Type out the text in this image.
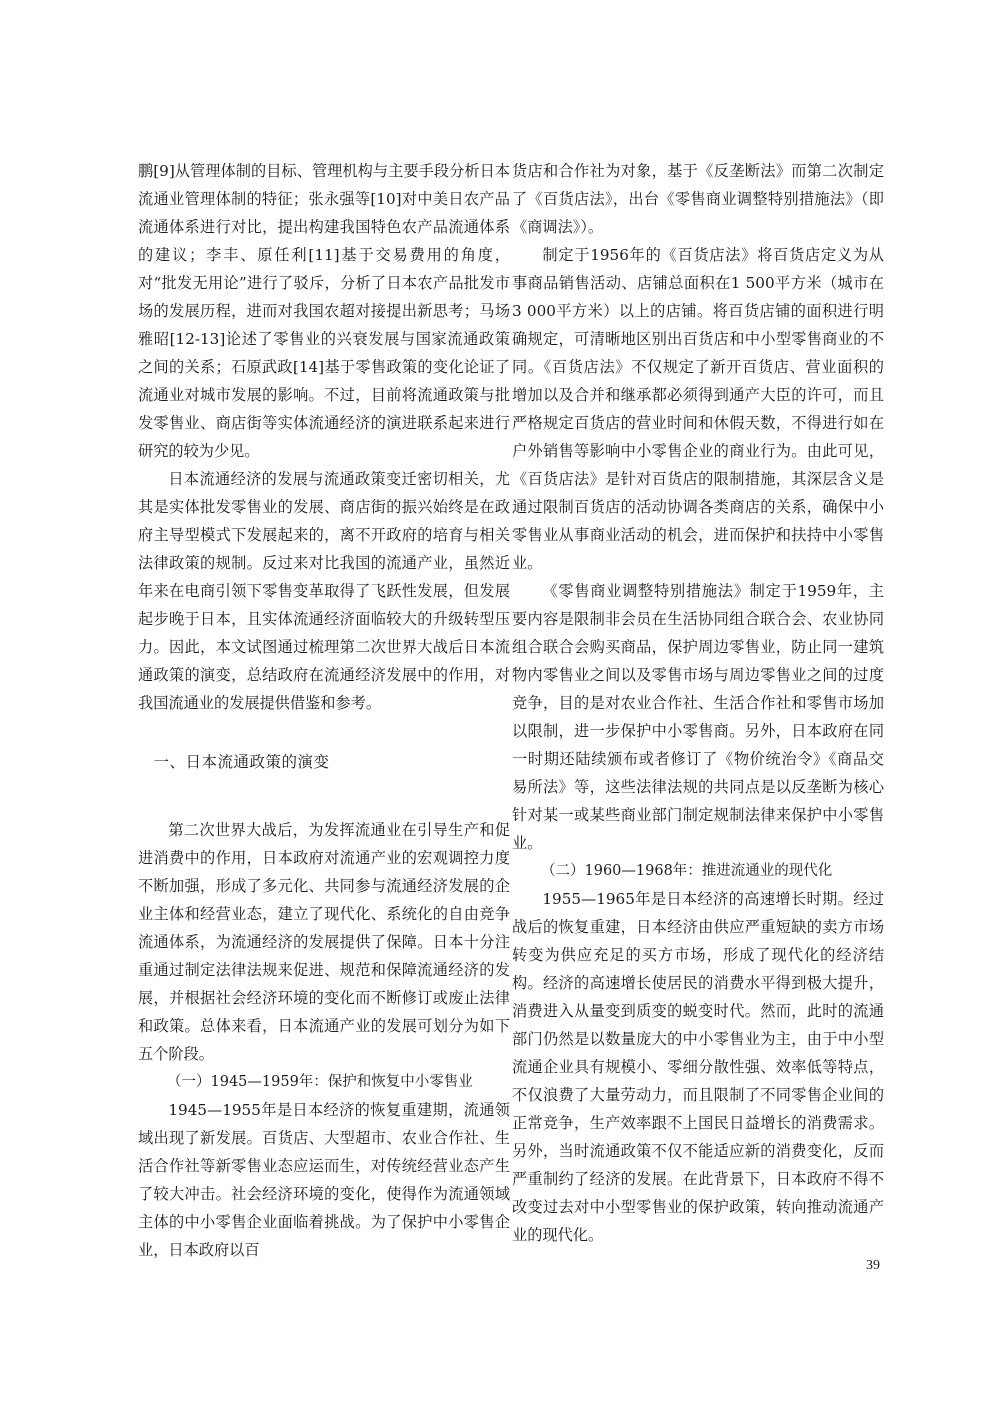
鹏[9]从管理体制的目标、管理机构与主要手段分析日本流通业管理体制的特征；张永强等[10]对中美日农产品流通体系进行对比，提出构建我国特色农产品流通体系的建议；李丰、原任利[11]基于交易费用的角度，对“批发无用论”进行了驳斥，分析了日本农产品批发市场的发展历程，进而对我国农超对接提出新思考；马场雅昭[12-13]论述了零售业的兴衰发展与国家流通政策之间的关系；石原武政[14]基于零售政策的变化论证了流通业对城市发展的影响。不过，目前将流通政策与批发零售业、商店街等实体流通经济的演进联系起来进行研究的较为少见。

日本流通经济的发展与流通政策变迁密切相关，尤其是实体批发零售业的发展、商店街的振兴始终是在政府主导型模式下发展起来的，离不开政府的培育与相关法律政策的规制。反过来对比我国的流通产业，虽然近年来在电商引领下零售变革取得了飞跃性发展，但发展起步晚于日本，且实体流通经济面临较大的升级转型压力。因此，本文试图通过梳理第二次世界大战后日本流通政策的演变，总结政府在流通经济发展中的作用，对我国流通业的发展提供借鉴和参考。

一、日本流通政策的演变

第二次世界大战后，为发挥流通业在引导生产和促进消费中的作用，日本政府对流通产业的宏观调控力度不断加强，形成了多元化、共同参与流通经济发展的企业主体和经营业态，建立了现代化、系统化的自由竞争流通体系，为流通经济的发展提供了保障。日本十分注重通过制定法律法规来促进、规范和保障流通经济的发展，并根据社会经济环境的变化而不断修订或废止法律和政策。总体来看，日本流通产业的发展可划分为如下五个阶段。

（一）1945—1959年：保护和恢复中小零售业

1945—1955年是日本经济的恢复重建期，流通领域出现了新发展。百货店、大型超市、农业合作社、生活合作社等新零售业态应运而生，对传统经营业态产生了较大冲击。社会经济环境的变化，使得作为流通领域主体的中小零售企业面临着挑战。为了保护中小零售企业，日本政府以百

货店和合作社为对象，基于《反垄断法》而第二次制定了《百货店法》，出台《零售商业调整特别措施法》（即《商调法》）。

制定于1956年的《百货店法》将百货店定义为从事商品销售活动、店铺总面积在1 500平方米（城市在3 000平方米）以上的店铺。将百货店铺的面积进行明确规定，可清晰地区别出百货店和中小型零售商业的不同。《百货店法》不仅规定了新开百货店、营业面积的增加以及合并和继承都必须得到通产大臣的许可，而且严格规定百货店的营业时间和休假天数，不得进行如在户外销售等影响中小零售企业的商业行为。由此可见，《百货店法》是针对百货店的限制措施，其深层含义是通过限制百货店的活动协调各类商店的关系，确保中小零售业从事商业活动的机会，进而保护和扶持中小零售业。

《零售商业调整特别措施法》制定于1959年，主要内容是限制非会员在生活协同组合联合会、农业协同组合联合会购买商品，保护周边零售业，防止同一建筑物内零售业之间以及零售市场与周边零售业之间的过度竞争，目的是对农业合作社、生活合作社和零售市场加以限制，进一步保护中小零售商。另外，日本政府在同一时期还陆续颁布或者修订了《物价统治令》《商品交易所法》等，这些法律法规的共同点是以反垄断为核心针对某一或某些商业部门制定规制法律来保护中小零售业。

（二）1960—1968年：推进流通业的现代化

1955—1965年是日本经济的高速增长时期。经过战后的恢复重建，日本经济由供应严重短缺的卖方市场转变为供应充足的买方市场，形成了现代化的经济结构。经济的高速增长使居民的消费水平得到极大提升，消费进入从量变到质变的蜕变时代。然而，此时的流通部门仍然是以数量庞大的中小零售业为主，由于中小型流通企业具有规模小、零细分散性强、效率低等特点，不仅浪费了大量劳动力，而且限制了不同零售企业间的正常竞争，生产效率跟不上国民日益增长的消费需求。另外，当时流通政策不仅不能适应新的消费变化，反而严重制约了经济的发展。在此背景下，日本政府不得不改变过去对中小型零售业的保护政策，转向推动流通产业的现代化。

39
